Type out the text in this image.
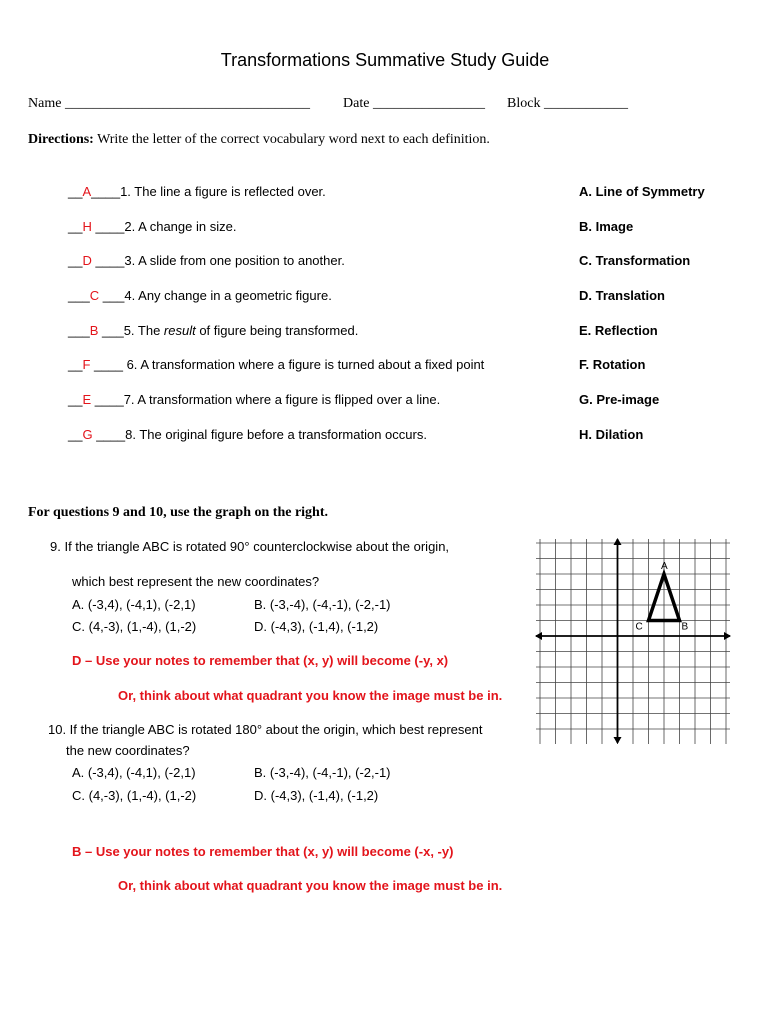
Transformations Summative Study Guide
Name ___________________________________ Date ________________ Block ____________
Directions: Write the letter of the correct vocabulary word next to each definition.
__A____1. The line a figure is reflected over.
__H ____2. A change in size.
__D ____3. A slide from one position to another.
___C ___4. Any change in a geometric figure.
___B ___5. The result of figure being transformed.
__F ____ 6. A transformation where a figure is turned about a fixed point
__E ____7. A transformation where a figure is flipped over a line.
__G ____8. The original figure before a transformation occurs.
A. Line of Symmetry
B. Image
C. Transformation
D. Translation
E. Reflection
F. Rotation
G. Pre-image
H. Dilation
For questions 9 and 10, use the graph on the right.
9. If the triangle ABC is rotated 90° counterclockwise about the origin,
which best represent the new coordinates?
A. (-3,4), (-4,1), (-2,1)	B. (-3,-4), (-4,-1), (-2,-1)
C. (4,-3), (1,-4), (1,-2)	D. (-4,3), (-1,4), (-1,2)
D – Use your notes to remember that (x, y) will become (-y, x)
Or, think about what quadrant you know the image must be in.
10. If the triangle ABC is rotated 180° about the origin, which best represent
the new coordinates?
A. (-3,4), (-4,1), (-2,1)	B. (-3,-4), (-4,-1), (-2,-1)
C. (4,-3), (1,-4), (1,-2)	D. (-4,3), (-1,4), (-1,2)
B – Use your notes to remember that (x, y) will become (-x, -y)
Or, think about what quadrant you know the image must be in.
A
B
C
